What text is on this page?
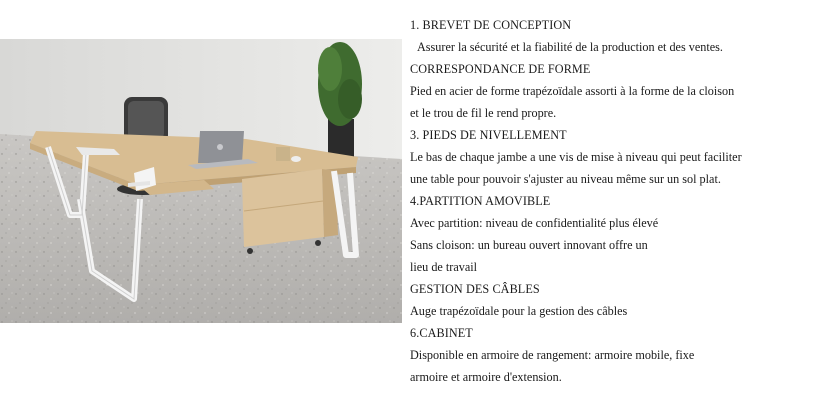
1. BREVET DE CONCEPTION
Assurer la sécurité et la fiabilité de la production et des ventes.
CORRESPONDANCE DE FORME
Pied en acier de forme trapézoïdale assorti à la forme de la cloison
et le trou de fil le rend propre.
3. PIEDS DE NIVELLEMENT
Le bas de chaque jambe a une vis de mise à niveau qui peut faciliter
une table pour pouvoir s'ajuster au niveau même sur un sol plat.
4.PARTITION AMOVIBLE
Avec partition: niveau de confidentialité plus élevé
Sans cloison: un bureau ouvert innovant offre un
lieu de travail
GESTION DES CÂBLES
Auge trapézoïdale pour la gestion des câbles
6.CABINET
Disponible en armoire de rangement: armoire mobile, fixe
armoire et armoire d'extension.
